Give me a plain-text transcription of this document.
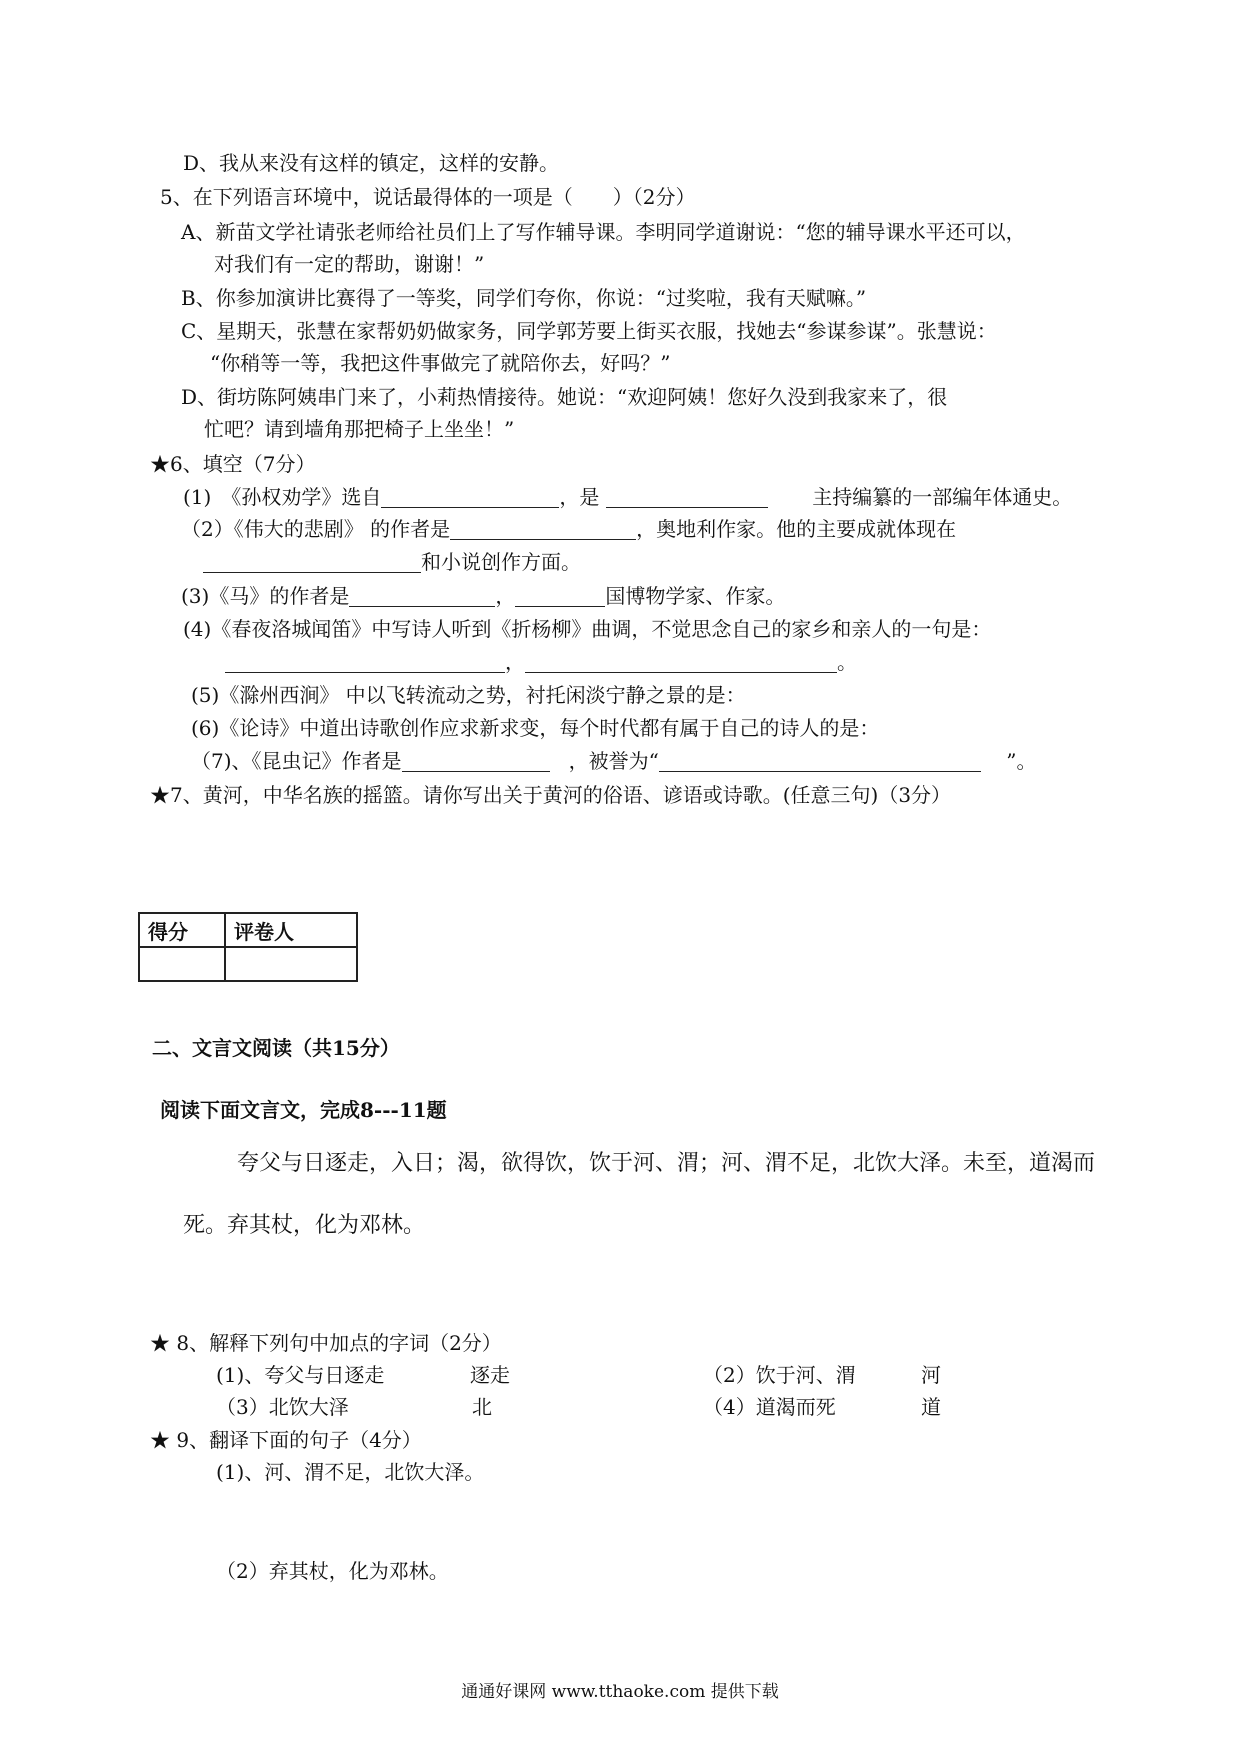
D、我从来没有这样的镇定，这样的安静。
5、在下列语言环境中，说话最得体的一项是（　　）（2分）
A、新苗文学社请张老师给社员们上了写作辅导课。李明同学道谢说：“您的辅导课水平还可以，
对我们有一定的帮助，谢谢！”
B、你参加演讲比赛得了一等奖，同学们夸你，你说：“过奖啦，我有天赋嘛。”
C、星期天，张慧在家帮奶奶做家务，同学郭芳要上街买衣服，找她去“参谋参谋”。张慧说：
“你稍等一等，我把这件事做完了就陪你去，好吗？”
D、街坊陈阿姨串门来了，小莉热情接待。她说：“欢迎阿姨！您好久没到我家来了，很
忙吧？请到墙角那把椅子上坐坐！”
★6、填空（7分）
(1)　《孙权劝学》选自	，是	主持编纂的一部编年体通史。
（2）《伟大的悲剧》 的作者是	，奥地利作家。他的主要成就体现在
和小说创作方面。
(3)《马》的作者是	，	国博物学家、作家。
(4)《春夜洛城闻笛》中写诗人听到《折杨柳》曲调，不觉思念自己的家乡和亲人的一句是：
，	。
(5)《滁州西涧》 中以飞转流动之势，衬托闲淡宁静之景的是：
(6)《论诗》中道出诗歌创作应求新求变，每个时代都有属于自己的诗人的是：
（7)、《昆虫记》作者是	，被誉为“	”。
★7、黄河，中华名族的摇篮。请你写出关于黄河的俗语、谚语或诗歌。(任意三句)（3分）
得分	评卷人

二、文言文阅读（共15分）
阅读下面文言文，完成8---11题
夸父与日逐走，入日；渴，欲得饮，饮于河、渭；河、渭不足，北饮大泽。未至，道渴而
死。弃其杖，化为邓林。
★ 8、解释下列句中加点的字词（2分）
(1)、夸父与日逐走	逐走	（2）饮于河、渭	河
（3）北饮大泽	北	（4）道渴而死	道
★ 9、翻译下面的句子（4分）
(1)、河、渭不足，北饮大泽。
（2）弃其杖，化为邓林。
通通好课网 www.tthaoke.com 提供下载
